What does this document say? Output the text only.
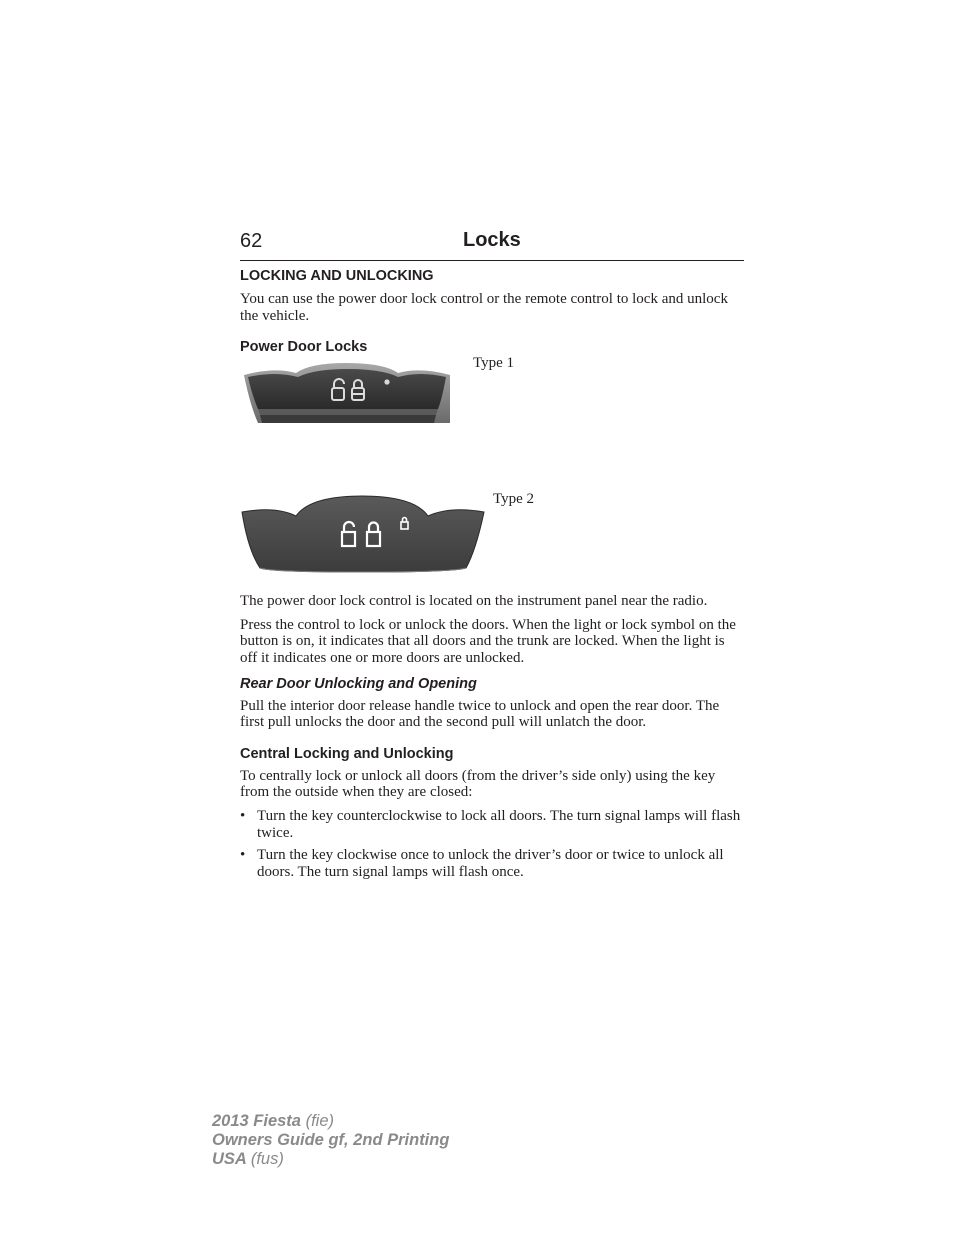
62	Locks
LOCKING AND UNLOCKING
You can use the power door lock control or the remote control to lock and unlock the vehicle.
Power Door Locks
Type 1
Type 2
The power door lock control is located on the instrument panel near the radio.
Press the control to lock or unlock the doors. When the light or lock symbol on the button is on, it indicates that all doors and the trunk are locked. When the light is off it indicates one or more doors are unlocked.
Rear Door Unlocking and Opening
Pull the interior door release handle twice to unlock and open the rear door. The first pull unlocks the door and the second pull will unlatch the door.
Central Locking and Unlocking
To centrally lock or unlock all doors (from the driver’s side only) using the key from the outside when they are closed:
• Turn the key counterclockwise to lock all doors. The turn signal lamps will flash twice.
• Turn the key clockwise once to unlock the driver’s door or twice to unlock all doors. The turn signal lamps will flash once.
2013 Fiesta (fie)
Owners Guide gf, 2nd Printing
USA (fus)
